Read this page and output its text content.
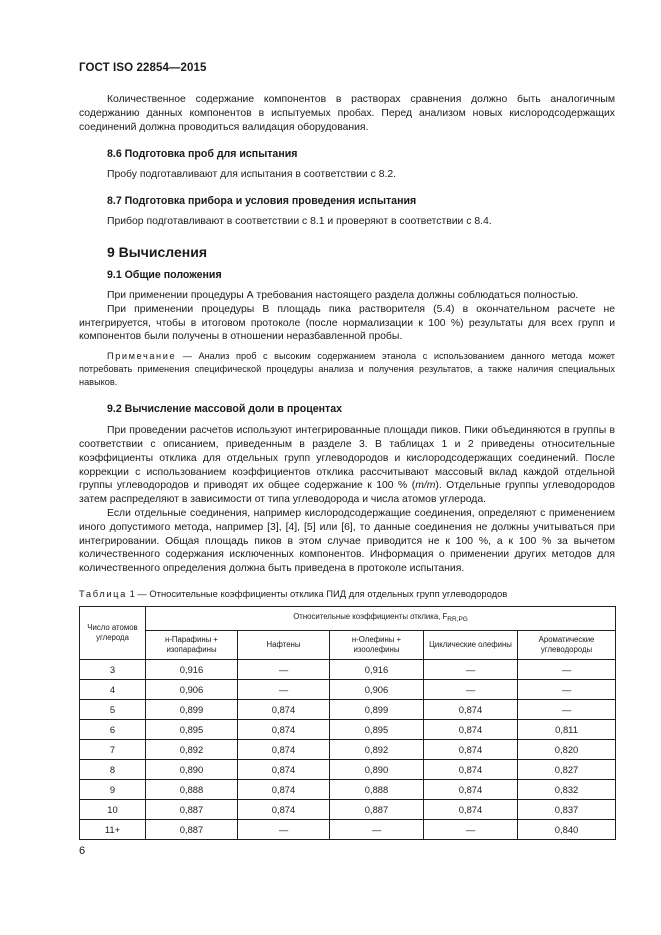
ГОСТ ISO 22854—2015

Количественное содержание компонентов в растворах сравнения должно быть аналогичным содержанию данных компонентов в испытуемых пробах. Перед анализом новых кислородсодержащих соединений должна проводиться валидация оборудования.

8.6 Подготовка проб для испытания

Пробу подготавливают для испытания в соответствии с 8.2.

8.7 Подготовка прибора и условия проведения испытания

Прибор подготавливают в соответствии с 8.1 и проверяют в соответствии с 8.4.

9 Вычисления
9.1 Общие положения

При применении процедуры А требования настоящего раздела должны соблюдаться полностью.

При применении процедуры В площадь пика растворителя (5.4) в окончательном расчете не интегрируется, чтобы в итоговом протоколе (после нормализации к 100 %) результаты для всех групп и компонентов были получены в отношении неразбавленной пробы.

Примечание — Анализ проб с высоким содержанием этанола с использованием данного метода может потребовать применения специфической процедуры анализа и получения результатов, а также наличия специальных навыков.

9.2 Вычисление массовой доли в процентах

При проведении расчетов используют интегрированные площади пиков. Пики объединяются в группы в соответствии с описанием, приведенным в разделе 3. В таблицах 1 и 2 приведены относительные коэффициенты отклика для отдельных групп углеводородов и кислородсодержащих соединений. После коррекции с использованием коэффициентов отклика рассчитывают массовый вклад каждой отдельной группы углеводородов и приводят их общее содержание к 100 % (m/m). Отдельные группы углеводородов затем распределяют в зависимости от типа углеводорода и числа атомов углерода.

Если отдельные соединения, например кислородсодержащие соединения, определяют с применением иного допустимого метода, например [3], [4], [5] или [6], то данные соединения не должны учитываться при интегрировании. Общая площадь пиков в этом случае приводится не к 100 %, а к 100 % за вычетом количественного содержания исключенных компонентов. Информация о применении других методов для количественного определения должна быть приведена в протоколе испытания.

Таблица 1 — Относительные коэффициенты отклика ПИД для отдельных групп углеводородов

Число атомов углерода	Относительные коэффициенты отклика, $F_{RR,PG}$
	н-Парафины + изопарафины	Нафтены	н-Олефины + изоолефины	Циклические олефины	Ароматические углеводороды
3	0,916	—	0,916	—	—
4	0,906	—	0,906	—	—
5	0,899	0,874	0,899	0,874	—
6	0,895	0,874	0,895	0,874	0,811
7	0,892	0,874	0,892	0,874	0,820
8	0,890	0,874	0,890	0,874	0,827
9	0,888	0,874	0,888	0,874	0,832
10	0,887	0,874	0,887	0,874	0,837
11+	0,887	—	—	—	0,840
6
